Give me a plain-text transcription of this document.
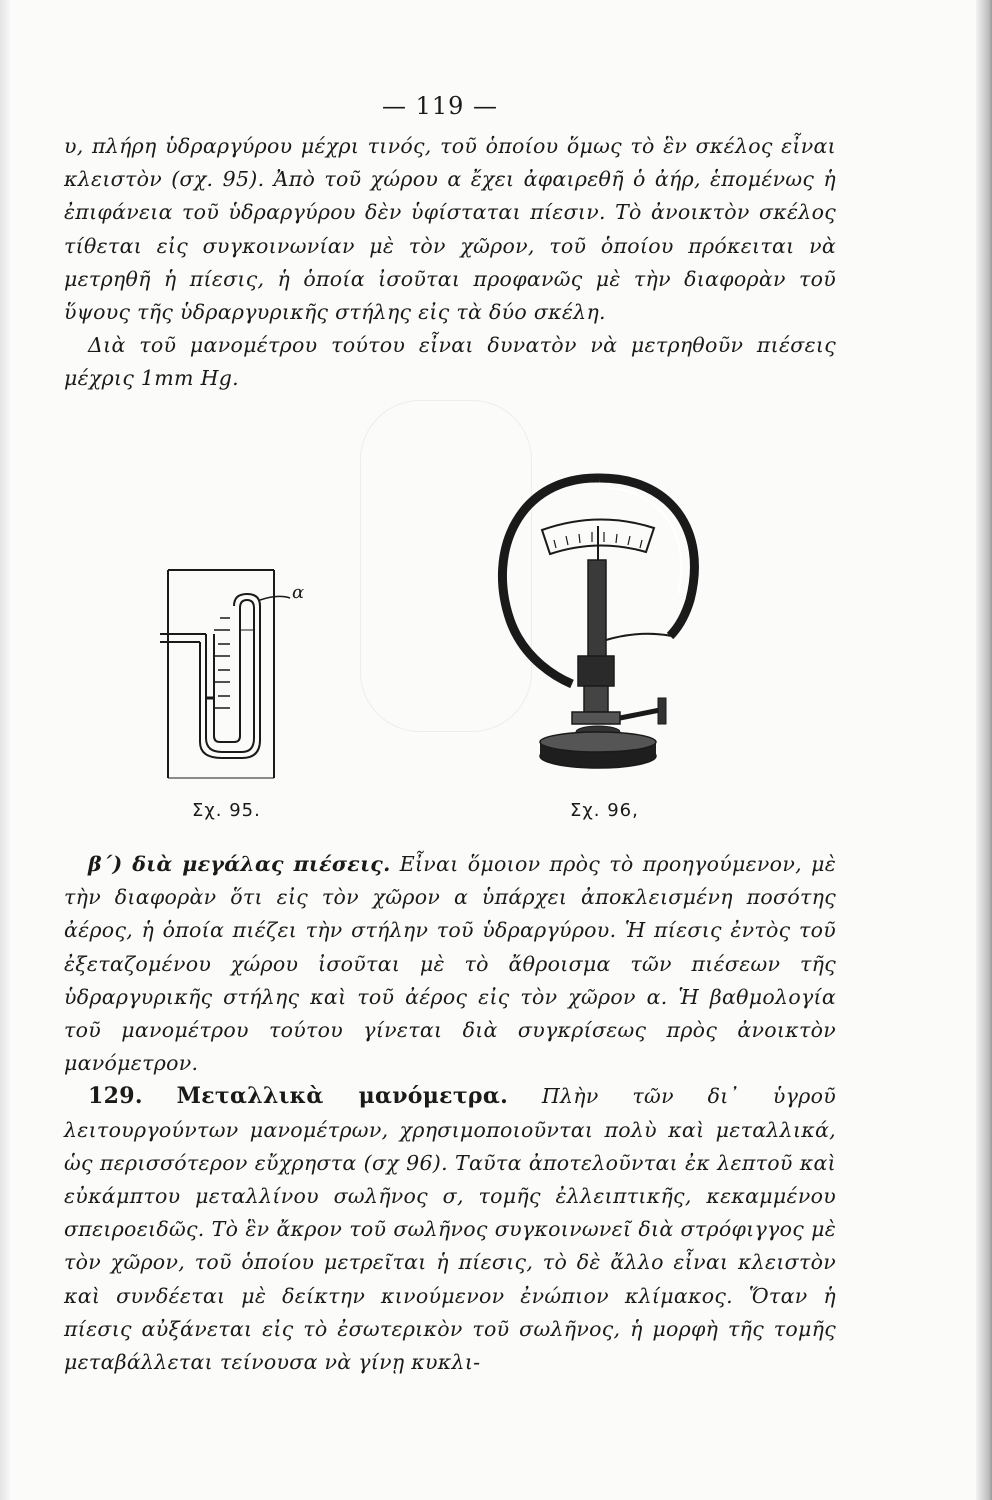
— 119 —

υ, πλήρη ὑδραργύρου μέχρι τινός, τοῦ ὁποίου ὅμως τὸ ἓν σκέλος εἶναι κλειστὸν (σχ. 95). Ἀπὸ τοῦ χώρου α ἔχει ἀφαιρεθῆ ὁ ἀήρ, ἑπομένως ἡ ἐπιφάνεια τοῦ ὑδραργύρου δὲν ὑφίσταται πίεσιν. Τὸ ἀνοικτὸν σκέλος τίθεται εἰς συγκοινωνίαν μὲ τὸν χῶρον, τοῦ ὁποίου πρόκειται νὰ μετρηθῆ ἡ πίεσις, ἡ ὁποία ἰσοῦται προφανῶς μὲ τὴν διαφορὰν τοῦ ὕψους τῆς ὑδραργυρικῆς στήλης εἰς τὰ δύο σκέλη.

Διὰ τοῦ μανομέτρου τούτου εἶναι δυνατὸν νὰ μετρηθοῦν πιέσεις μέχρις 1mm Hg.

α
Σχ. 95.	Σχ. 96,

β΄) διὰ μεγάλας πιέσεις. Εἶναι ὅμοιον πρὸς τὸ προηγούμενον, μὲ τὴν διαφορὰν ὅτι εἰς τὸν χῶρον α ὑπάρχει ἀποκλεισμένη ποσότης ἀέρος, ἡ ὁποία πιέζει τὴν στήλην τοῦ ὑδραργύρου. Ἡ πίεσις ἐντὸς τοῦ ἐξεταζομένου χώρου ἰσοῦται μὲ τὸ ἄθροισμα τῶν πιέσεων τῆς ὑδραργυρικῆς στήλης καὶ τοῦ ἀέρος εἰς τὸν χῶρον α. Ἡ βαθμολογία τοῦ μανομέτρου τούτου γίνεται διὰ συγκρίσεως πρὸς ἀνοικτὸν μανόμετρον.

129. Μεταλλικὰ μανόμετρα. Πλὴν τῶν δι᾽ ὑγροῦ λειτουργούντων μανομέτρων, χρησιμοποιοῦνται πολὺ καὶ μεταλλικά, ὡς περισσότερον εὔχρηστα (σχ 96). Ταῦτα ἀποτελοῦνται ἐκ λεπτοῦ καὶ εὐκάμπτου μεταλλίνου σωλῆνος σ, τομῆς ἐλλειπτικῆς, κεκαμμένου σπειροειδῶς. Τὸ ἓν ἄκρον τοῦ σωλῆνος συγκοινωνεῖ διὰ στρόφιγγος μὲ τὸν χῶρον, τοῦ ὁποίου μετρεῖται ἡ πίεσις, τὸ δὲ ἄλλο εἶναι κλειστὸν καὶ συνδέεται μὲ δείκτην κινούμενον ἐνώπιον κλίμακος. Ὅταν ἡ πίεσις αὐξάνεται εἰς τὸ ἐσωτερικὸν τοῦ σωλῆνος, ἡ μορφὴ τῆς τομῆς μεταβάλλεται τείνουσα νὰ γίνῃ κυκλι-
